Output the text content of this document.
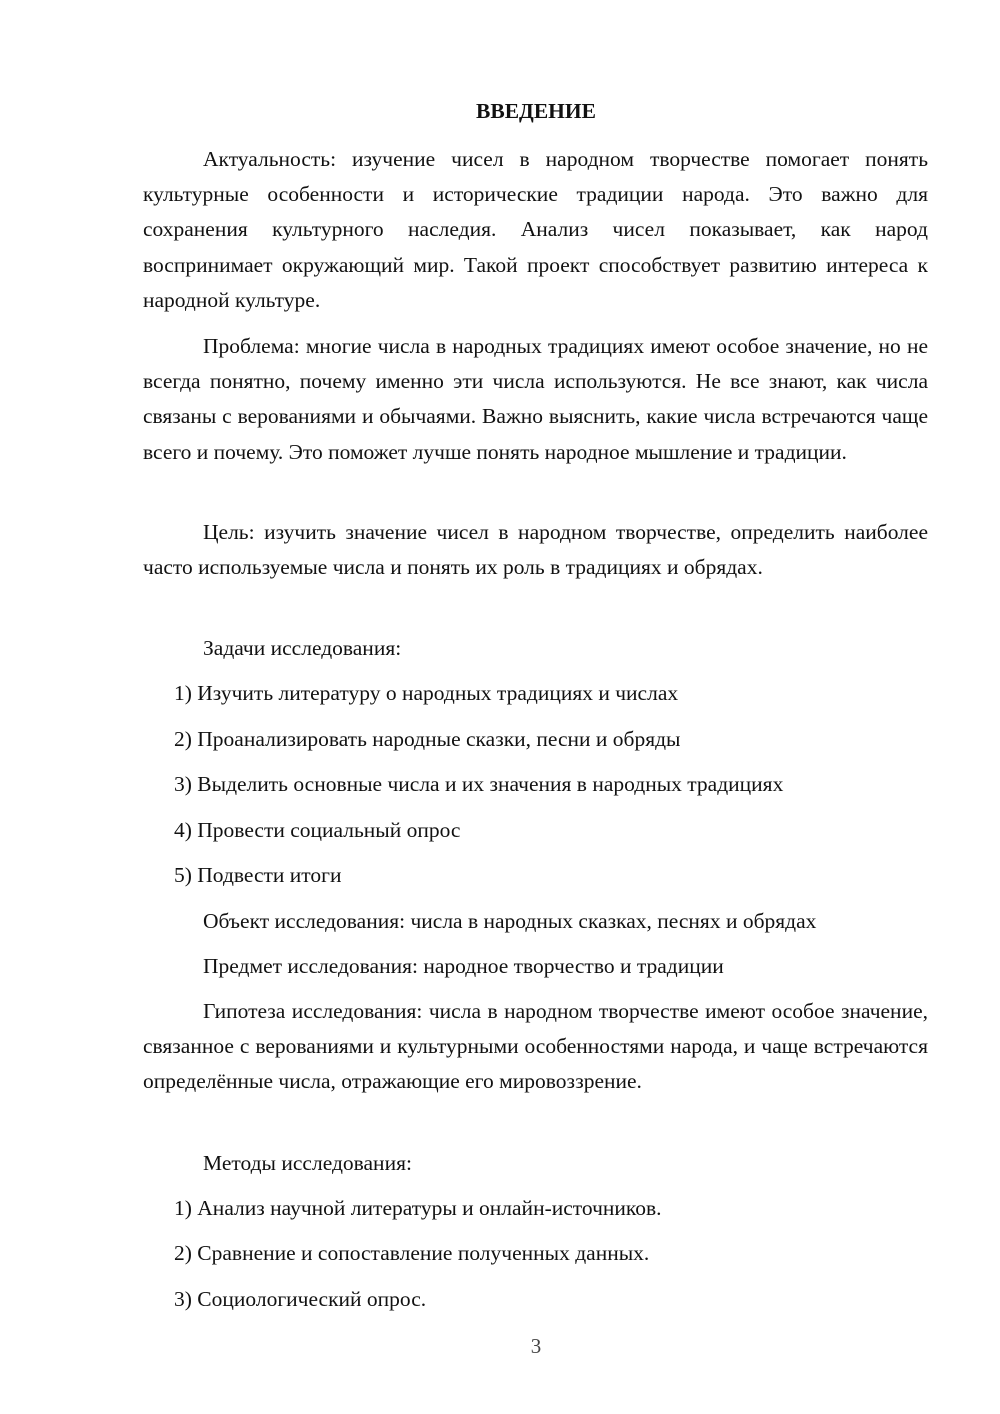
ВВЕДЕНИЕ

Актуальность: изучение чисел в народном творчестве помогает понять культурные особенности и исторические традиции народа. Это важно для сохранения культурного наследия. Анализ чисел показывает, как народ воспринимает окружающий мир. Такой проект способствует развитию интереса к народной культуре.

Проблема: многие числа в народных традициях имеют особое значение, но не всегда понятно, почему именно эти числа используются. Не все знают, как числа связаны с верованиями и обычаями. Важно выяснить, какие числа встречаются чаще всего и почему. Это поможет лучше понять народное мышление и традиции.

Цель: изучить значение чисел в народном творчестве, определить наиболее часто используемые числа и понять их роль в традициях и обрядах.

Задачи исследования:

1) Изучить литературу о народных традициях и числах

2) Проанализировать народные сказки, песни и обряды

3) Выделить основные числа и их значения в народных традициях

4) Провести социальный опрос

5) Подвести итоги

Объект исследования: числа в народных сказках, песнях и обрядах

Предмет исследования: народное творчество и традиции

Гипотеза исследования: числа в народном творчестве имеют особое значение, связанное с верованиями и культурными особенностями народа, и чаще встречаются определённые числа, отражающие его мировоззрение.

Методы исследования:

1) Анализ научной литературы и онлайн-источников.

2) Сравнение и сопоставление полученных данных.

3) Социологический опрос.

3
